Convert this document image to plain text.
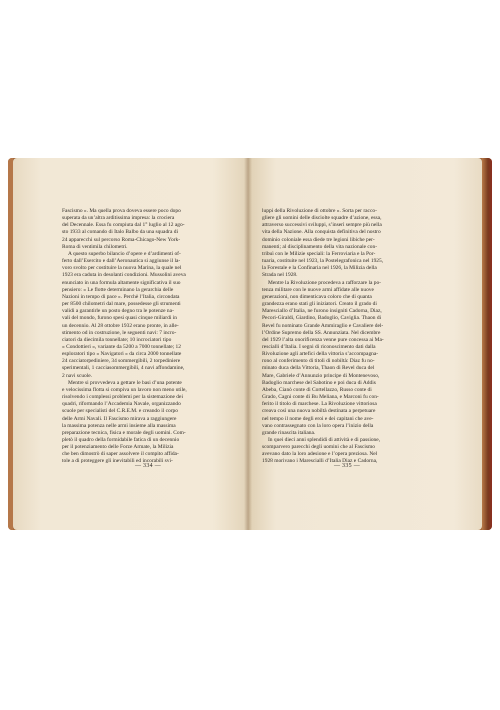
Fascismo ». Ma quella prova doveva essere poco dopo
superata da un’altra arditissima impresa: la crociera
del Decennale. Essa fu compiuta dal 1° luglio al 12 ago-
sto 1933 al comando di Italo Balbo da una squadra di
24 apparecchi sul percorso Roma-Chicago-New York-
Roma di ventimila chilometri.
A questo superbo bilancio d’opere e d’ardimenti of-
ferto dall’Esercito e dall’Aeronautica si aggiunse il la-
voro svolto per costituire la nuova Marina, la quale nel
1923 era caduta in desolanti condizioni. Mussolini aveva
enunciato in una formula altamente significativa il suo
pensiero: « Le flotte determinano la gerarchia delle
Nazioni in tempo di pace ». Perchè l’Italia, circondata
per 8500 chilometri dal mare, possedesse gli strumenti
validi a garantirle un posto degno tra le potenze na-
vali del mondo, furono spesi quasi cinque miliardi in
un decennio. Al 28 ottobre 1932 erano pronte, in alle-
stimento od in costruzione, le seguenti navi: 7 incro-
ciatori da diecimila tonnellate; 10 incrociatori tipo
« Condottieri », variante da 5200 a 7000 tonnellate; 12
esploratori tipo « Navigatori » da circa 2000 tonnellate
24 cacciatorpediniere, 34 sommergibili, 2 torpediniere
sperimentali, 1 cacciasommergibili, 4 navi affondamine,
2 navi scuole.
Mentre si provvedeva a gettare le basi d’una potente
e velocissima flotta si compiva un lavoro non meno utile,
risolvendo i complessi problemi per la sistemazione dei
quadri, riformando l’Accademia Navale, organizzando
scuole per specialisti del C.R.E.M. e creando il corpo
delle Armi Navali. Il Fascismo mirava a raggiungere
la massima potenza nelle armi insieme alla massima
preparazione tecnica, fisica e morale degli uomini. Com-
pletò il quadro della formidabile fatica di un decennio
per il potenziamento delle Forze Armate, la Milizia
che ben dimostrò di saper assolvere il compito affida-
tole a di proteggere gli inevitabili ed incorabili svi-
luppi della Rivoluzione di ottobre ». Sorta per racco-
gliere gli uomini delle disciolte squadre d’azione, essa,
attraverso successivi sviluppi, s’inserì sempre più nella
vita della Nazione. Alla conquista definitiva del nostro
dominio coloniale essa diede tre legioni libiche per-
manenti; al disciplinamento della vita nazionale con-
tribuì con le Milizie speciali: la Ferroviaria e la Por-
tuaria, costituite nel 1923, la Postelegrafonica nel 1925,
la Forestale e la Confinaria nel 1926, la Milizia della
Strada nel 1928.
Mentre la Rivoluzione procedeva a rafforzare la po-
tenza militare con le nuove armi affidate alle nuove
generazioni, non dimenticava coloro che di quanta
grandezza erano stati gli iniziatori. Creato il grado di
Maresciallo d’Italia, ne furono insigniti Cadorna, Diaz,
Pecori-Giraldi, Giardino, Badoglio, Caviglia. Thaon di
Revel fu nominato Grande Ammiraglio e Cavaliere del-
l’Ordine Supremo della SS. Annunziata. Nel dicembre
del 1929 l’alta onorificenza venne pure concessa ai Ma-
rescialli d’Italia. I segni di riconoscimento dati dalla
Rivoluzione agli artefici della vittoria s’accompagna-
rono al conferimento di titoli di nobiltà: Diaz fu no-
minato duca della Vittoria, Thaon di Revel duca del
Mare, Gabriele d’Annunzio principe di Montenevoso,
Badoglio marchese del Sabotino e poi duca di Addis
Abeba, Cianò conte di Cortellazzo, Russo conte di
Grado, Cagni conte di Bu Meliana, e Marconi fu con-
ferito il titolo di marchese. La Rivoluzione vittoriosa
creava così una nuova nobiltà destinata a perpetuare
nel tempo il nome degli eroi e dei capitani che ave-
vano contrassegnato con la loro opera l’inizio della
grande rinascita italiana.
In quei dieci anni splendidi di attività e di passione,
scomparvero parecchi degli uomini che al Fascismo
avevano dato la loro adesione e l’opera preziosa. Nel
1928 morivano i Marescialli d’Italia Diaz e Cadorna,
— 334 —	— 335 —
